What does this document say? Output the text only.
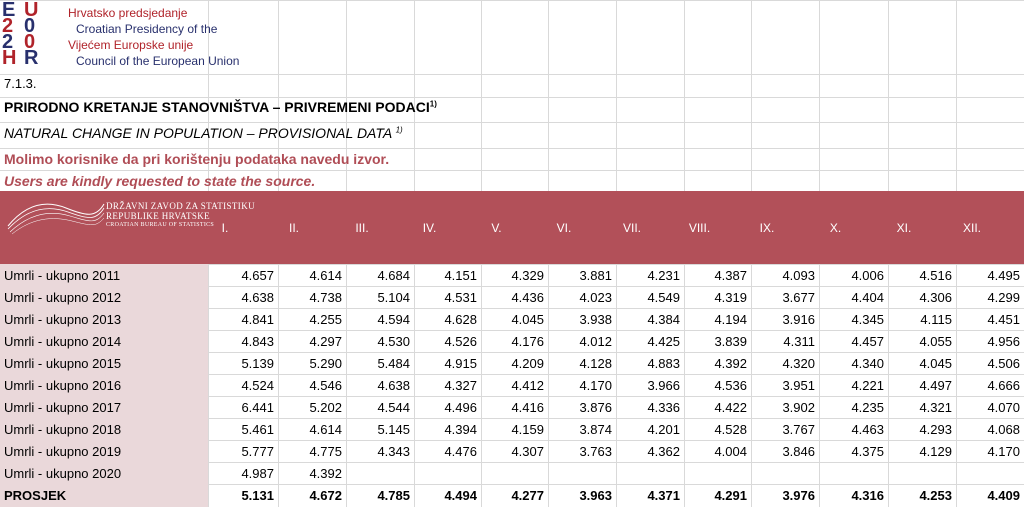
E U
2 0
2 0
H R
Hrvatsko predsjedanje
Croatian Presidency of the
Vijećem Europske unije
Council of the European Union
7.1.3.
PRIRODNO KRETANJE STANOVNIŠTVA – PRIVREMENI PODACI$^{1)}$
NATURAL CHANGE IN POPULATION – PROVISIONAL DATA $^{1)}$
Molimo korisnike da pri korištenju podataka navedu izvor.
Users are kindly requested to state the source.
DRŽAVNI ZAVOD ZA STATISTIKU
REPUBLIKE HRVATSKE
CROATIAN BUREAU OF STATISTICS I.	II.	III.	IV.	V.	VI.	VII.	VIII.	IX.	X.	XI.	XII.
Umrli - ukupno 2011	4.657	4.614	4.684	4.151	4.329	3.881	4.231	4.387	4.093	4.006	4.516	4.495
Umrli - ukupno 2012	4.638	4.738	5.104	4.531	4.436	4.023	4.549	4.319	3.677	4.404	4.306	4.299
Umrli - ukupno 2013	4.841	4.255	4.594	4.628	4.045	3.938	4.384	4.194	3.916	4.345	4.115	4.451
Umrli - ukupno 2014	4.843	4.297	4.530	4.526	4.176	4.012	4.425	3.839	4.311	4.457	4.055	4.956
Umrli - ukupno 2015	5.139	5.290	5.484	4.915	4.209	4.128	4.883	4.392	4.320	4.340	4.045	4.506
Umrli - ukupno 2016	4.524	4.546	4.638	4.327	4.412	4.170	3.966	4.536	3.951	4.221	4.497	4.666
Umrli - ukupno 2017	6.441	5.202	4.544	4.496	4.416	3.876	4.336	4.422	3.902	4.235	4.321	4.070
Umrli - ukupno 2018	5.461	4.614	5.145	4.394	4.159	3.874	4.201	4.528	3.767	4.463	4.293	4.068
Umrli - ukupno 2019	5.777	4.775	4.343	4.476	4.307	3.763	4.362	4.004	3.846	4.375	4.129	4.170
Umrli - ukupno 2020	4.987	4.392
PROSJEK	5.131	4.672	4.785	4.494	4.277	3.963	4.371	4.291	3.976	4.316	4.253	4.409
